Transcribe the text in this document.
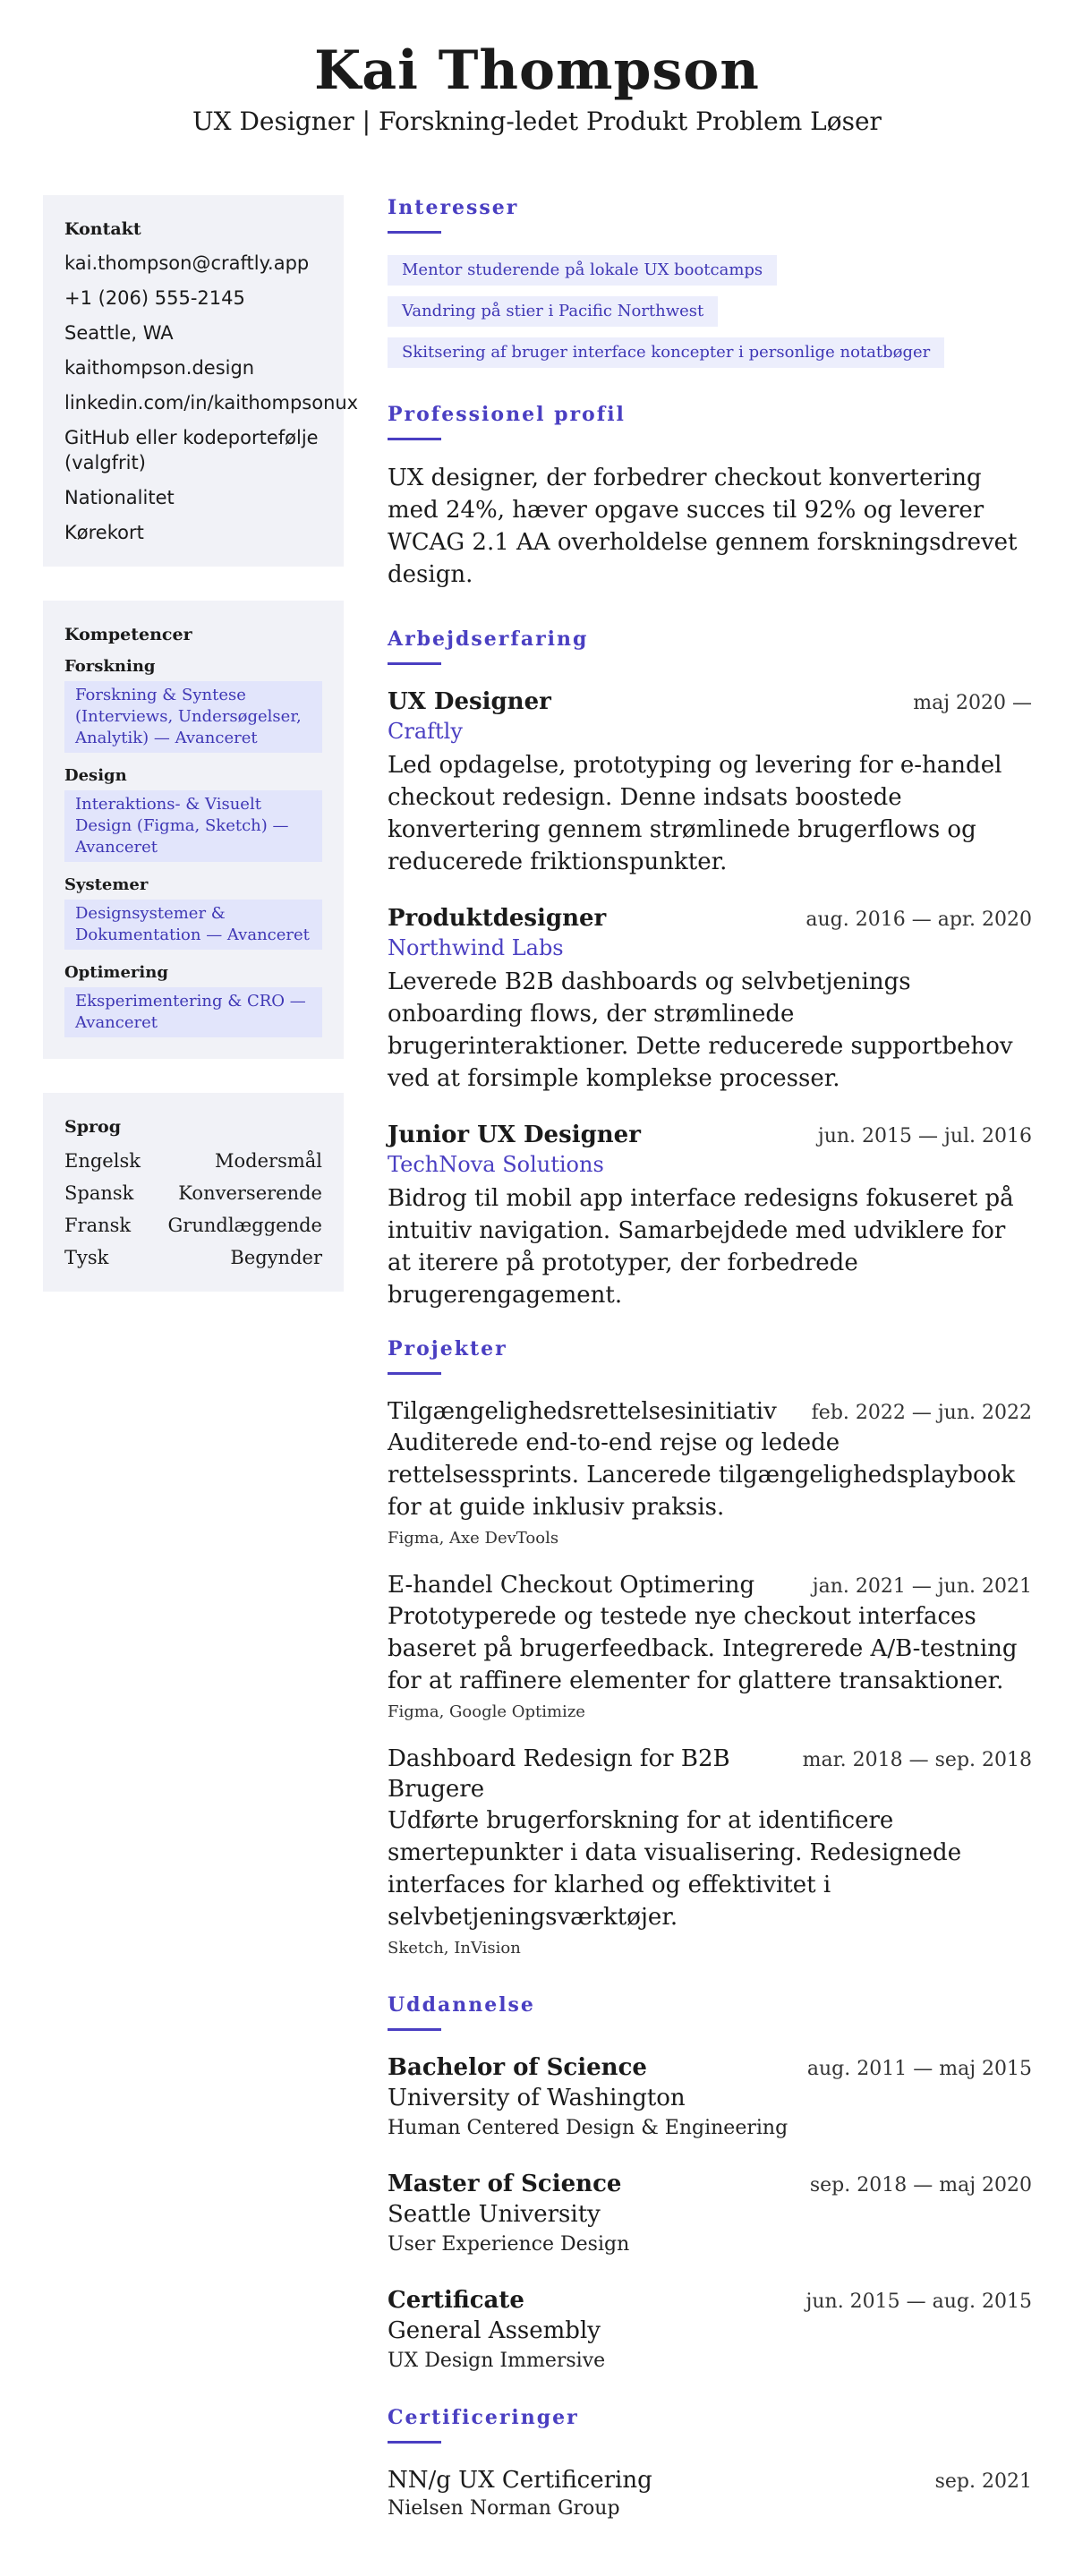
Kai Thompson
UX Designer | Forskning-ledet Produkt Problem Løser
Kontakt
kai.thompson@craftly.app
+1 (206) 555-2145
Seattle, WA
kaithompson.design
linkedin.com/in/kaithompsonux
GitHub eller kodeportefølje (valgfrit)
Nationalitet
Kørekort
Kompetencer
Forskning
Forskning & Syntese (Interviews, Undersøgelser, Analytik) — Avanceret
Design
Interaktions- & Visuelt Design (Figma, Sketch) — Avanceret
Systemer
Designsystemer & Dokumentation — Avanceret
Optimering
Eksperimentering & CRO — Avanceret
Sprog
Engelsk	Modersmål
Spansk Konverserende
Fransk Grundlæggende
Tysk	Begynder
Interesser
Mentor studerende på lokale UX bootcamps
Vandring på stier i Pacific Northwest
Skitsering af bruger interface koncepter i personlige notatbøger
Professionel profil

UX designer, der forbedrer checkout konvertering med 24%, hæver opgave succes til 92% og leverer WCAG 2.1 AA overholdelse gennem forskningsdrevet design.

Arbejdserfaring
UX Designer	maj 2020 —
Craftly

Led opdagelse, prototyping og levering for e-handel checkout redesign. Denne indsats boostede konvertering gennem strømlinede brugerflows og reducerede friktionspunkter.

Produktdesigner	aug. 2016 — apr. 2020
Northwind Labs

Leverede B2B dashboards og selvbetjenings onboarding flows, der strømlinede brugerinteraktioner. Dette reducerede supportbehov ved at forsimple komplekse processer.

Junior UX Designer	jun. 2015 — jul. 2016
TechNova Solutions

Bidrog til mobil app interface redesigns fokuseret på intuitiv navigation. Samarbejdede med udviklere for at iterere på prototyper, der forbedrede brugerengagement.

Projekter
Tilgængelighedsrettelsesinitiativ feb. 2022 — jun. 2022

Auditerede end-to-end rejse og ledede rettelsessprints. Lancerede tilgængelighedsplaybook for at guide inklusiv praksis.

Figma, Axe DevTools
E-handel Checkout Optimering	jan. 2021 — jun. 2021

Prototyperede og testede nye checkout interfaces baseret på brugerfeedback. Integrerede A/B-testning for at raffinere elementer for glattere transaktioner.

Figma, Google Optimize
Dashboard Redesign for B2B Brugere
mar. 2018 — sep. 2018

Udførte brugerforskning for at identificere smertepunkter i data visualisering. Redesignede interfaces for klarhed og effektivitet i selvbetjeningsværktøjer.

Sketch, InVision
Uddannelse
Bachelor of Science	aug. 2011 — maj 2015
University of Washington
Human Centered Design & Engineering
Master of Science	sep. 2018 — maj 2020
Seattle University
User Experience Design
Certificate	jun. 2015 — aug. 2015
General Assembly
UX Design Immersive
Certificeringer
NN/g UX Certificering	sep. 2021
Nielsen Norman Group
